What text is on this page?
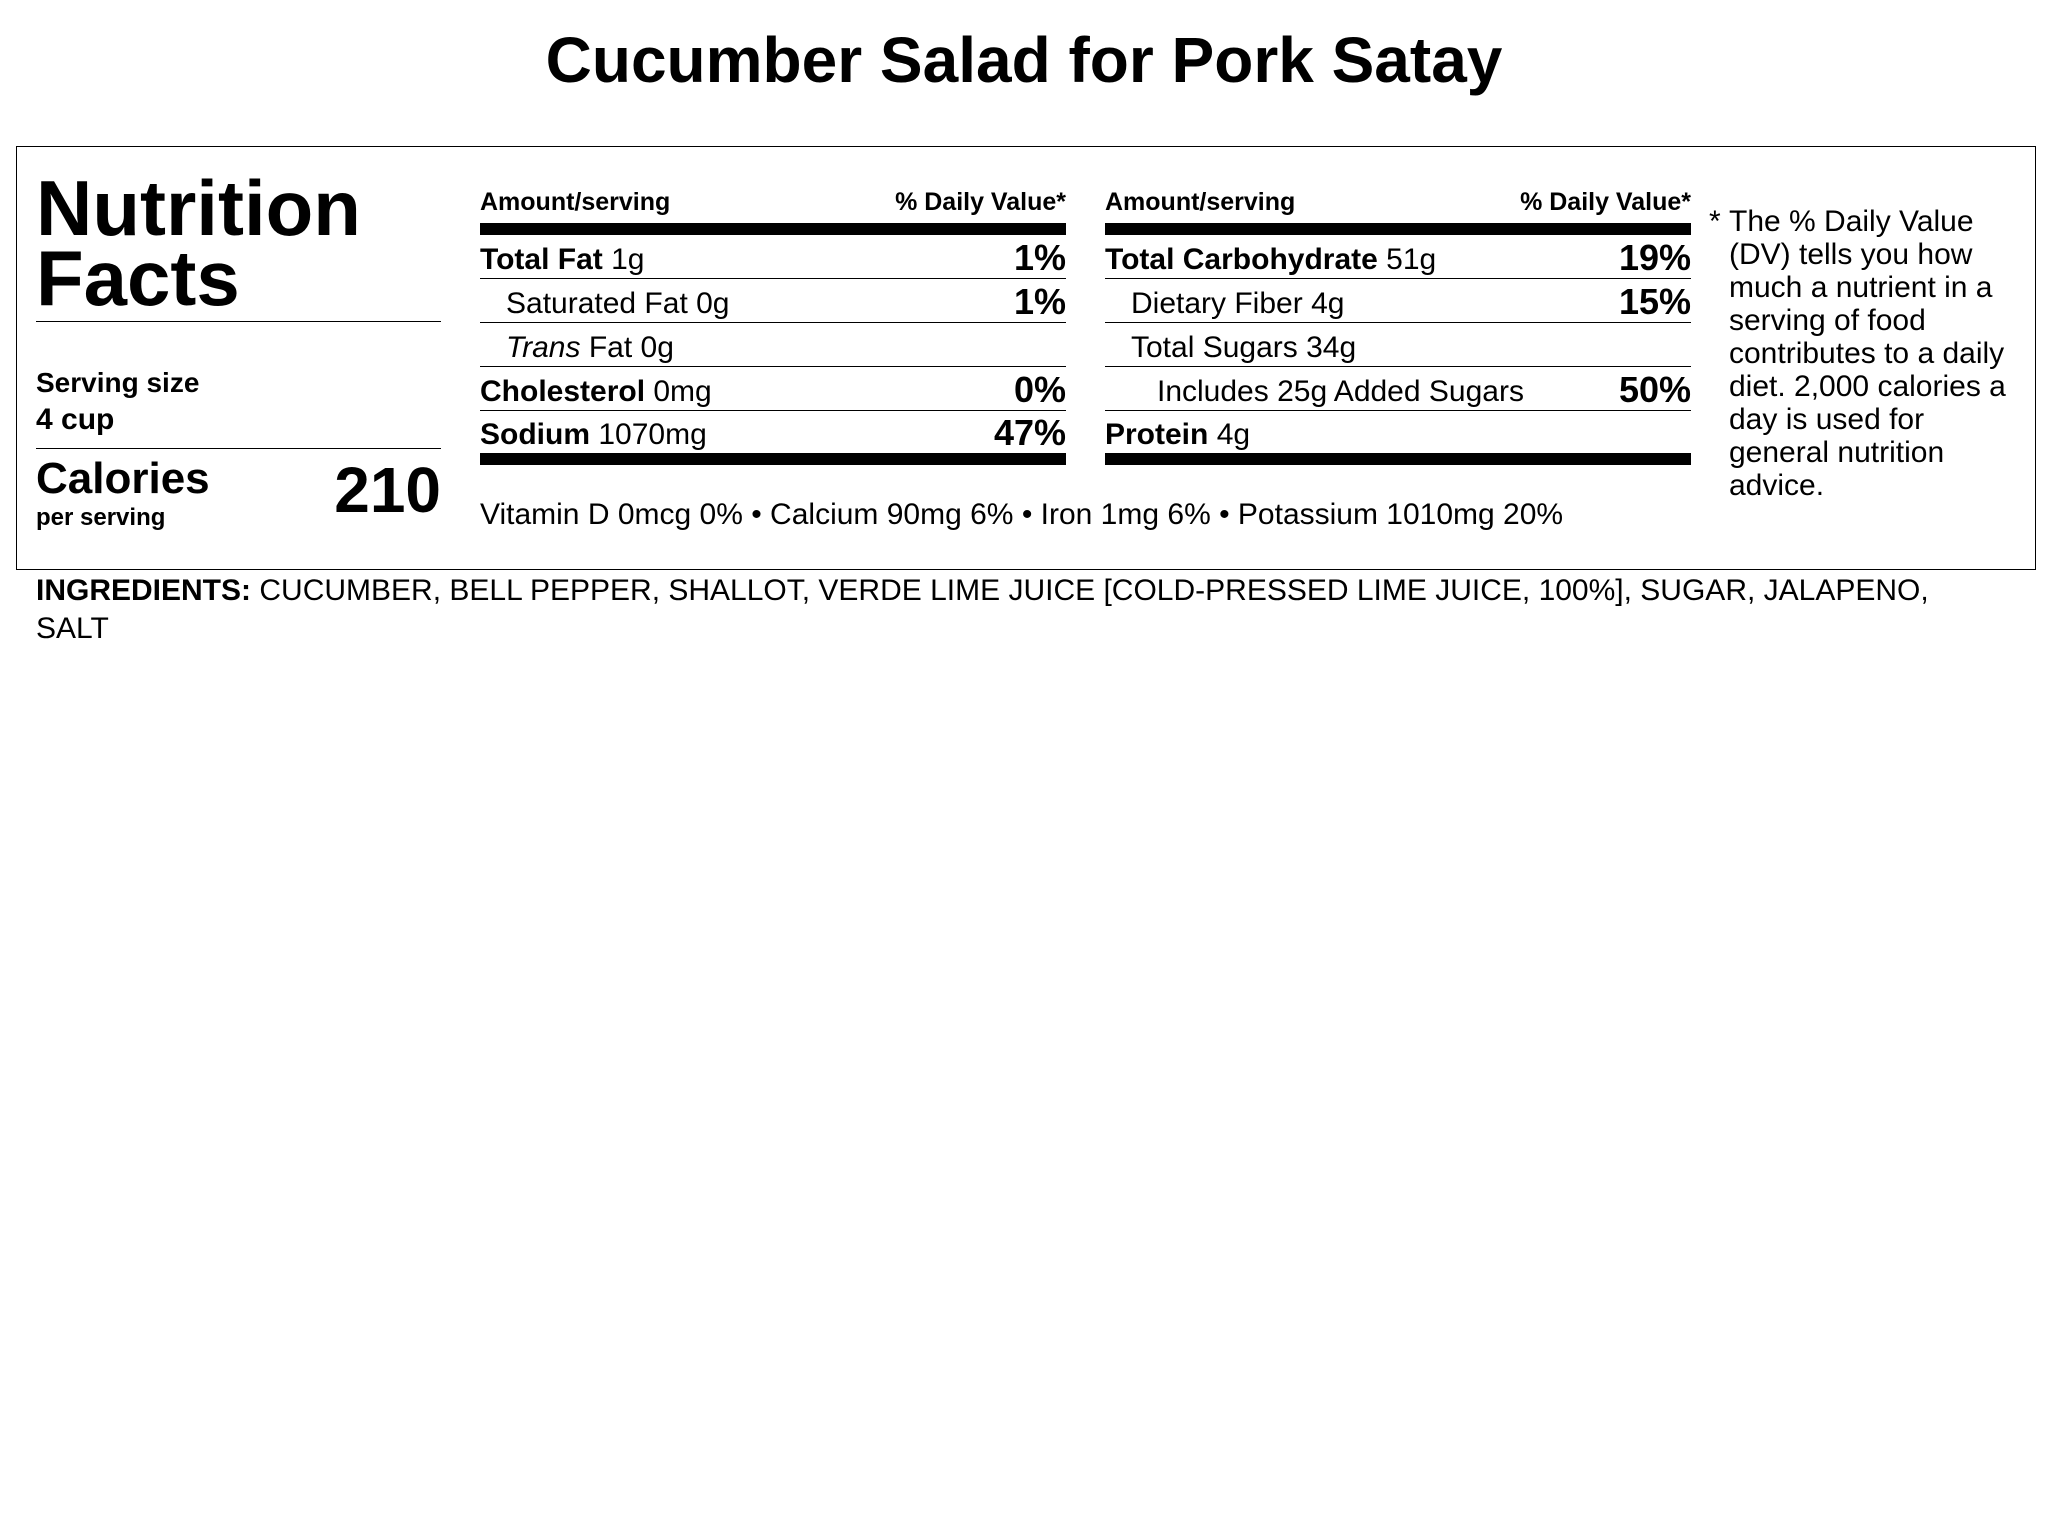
Cucumber Salad for Pork Satay
Nutrition
Facts
Serving size
4 cup
Calories
per serving	210
Amount/serving	% Daily Value*
Total Fat 1g	1%
Saturated Fat 0g	1%
Trans Fat 0g
Cholesterol 0mg	0%
Sodium 1070mg	47%
Amount/serving	% Daily Value*
Total Carbohydrate 51g	19%
Dietary Fiber 4g	15%
Total Sugars 34g
Includes 25g Added Sugars	50%
Protein 4g
Vitamin D 0mcg 0% • Calcium 90mg 6% • Iron 1mg 6% • Potassium 1010mg 20%
* The % Daily Value (DV) tells you how much a nutrient in a serving of food contributes to a daily diet. 2,000 calories a day is used for general nutrition advice.
INGREDIENTS: CUCUMBER, BELL PEPPER, SHALLOT, VERDE LIME JUICE [COLD-PRESSED LIME JUICE, 100%], SUGAR, JALAPENO, SALT
